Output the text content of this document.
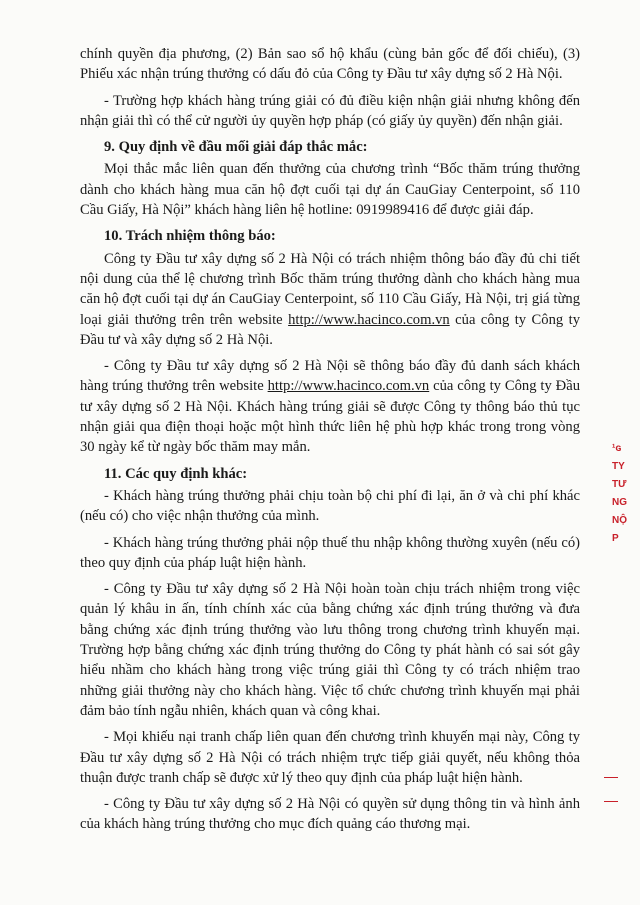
chính quyền địa phương, (2) Bản sao sổ hộ khẩu (cùng bản gốc để đối chiếu), (3) Phiếu xác nhận trúng thưởng có dấu đỏ của Công ty Đầu tư xây dựng số 2 Hà Nội.

- Trường hợp khách hàng trúng giải có đủ điều kiện nhận giải nhưng không đến nhận giải thì có thể cử người ủy quyền hợp pháp (có giấy ủy quyền) đến nhận giải.

9. Quy định về đầu mối giải đáp thắc mắc:

Mọi thắc mắc liên quan đến thưởng của chương trình “Bốc thăm trúng thưởng dành cho khách hàng mua căn hộ đợt cuối tại dự án CauGiay Centerpoint, số 110 Cầu Giấy, Hà Nội” khách hàng liên hệ hotline: 0919989416 để được giải đáp.

10. Trách nhiệm thông báo:

Công ty Đầu tư xây dựng số 2 Hà Nội có trách nhiệm thông báo đầy đủ chi tiết nội dung của thể lệ chương trình Bốc thăm trúng thưởng dành cho khách hàng mua căn hộ đợt cuối tại dự án CauGiay Centerpoint, số 110 Cầu Giấy, Hà Nội, trị giá từng loại giải thưởng trên trên website http://www.hacinco.com.vn của công ty Công ty Đầu tư và xây dựng số 2 Hà Nội.

- Công ty Đầu tư xây dựng số 2 Hà Nội sẽ thông báo đầy đủ danh sách khách hàng trúng thưởng trên website http://www.hacinco.com.vn của công ty Công ty Đầu tư xây dựng số 2 Hà Nội. Khách hàng trúng giải sẽ được Công ty thông báo thủ tục nhận giải qua điện thoại hoặc một hình thức liên hệ phù hợp khác trong trong vòng 30 ngày kể từ ngày bốc thăm may mắn.

11. Các quy định khác:

- Khách hàng trúng thưởng phải chịu toàn bộ chi phí đi lại, ăn ở và chi phí khác (nếu có) cho việc nhận thưởng của mình.

- Khách hàng trúng thưởng phải nộp thuế thu nhập không thường xuyên (nếu có) theo quy định của pháp luật hiện hành.

- Công ty Đầu tư xây dựng số 2 Hà Nội hoàn toàn chịu trách nhiệm trong việc quản lý khâu in ấn, tính chính xác của bằng chứng xác định trúng thưởng và đưa bằng chứng xác định trúng thưởng vào lưu thông trong chương trình khuyến mại. Trường hợp bằng chứng xác định trúng thưởng do Công ty phát hành có sai sót gây hiểu nhầm cho khách hàng trong việc trúng giải thì Công ty có trách nhiệm trao những giải thưởng này cho khách hàng. Việc tổ chức chương trình khuyến mại phải đảm bảo tính ngẫu nhiên, khách quan và công khai.

- Mọi khiếu nại tranh chấp liên quan đến chương trình khuyến mại này, Công ty Đầu tư xây dựng số 2 Hà Nội có trách nhiệm trực tiếp giải quyết, nếu không thỏa thuận được tranh chấp sẽ được xử lý theo quy định của pháp luật hiện hành.

- Công ty Đầu tư xây dựng số 2 Hà Nội có quyền sử dụng thông tin và hình ảnh của khách hàng trúng thưởng cho mục đích quảng cáo thương mại.

¹ɢ
TY
TƯ
NG
NỘ
P
